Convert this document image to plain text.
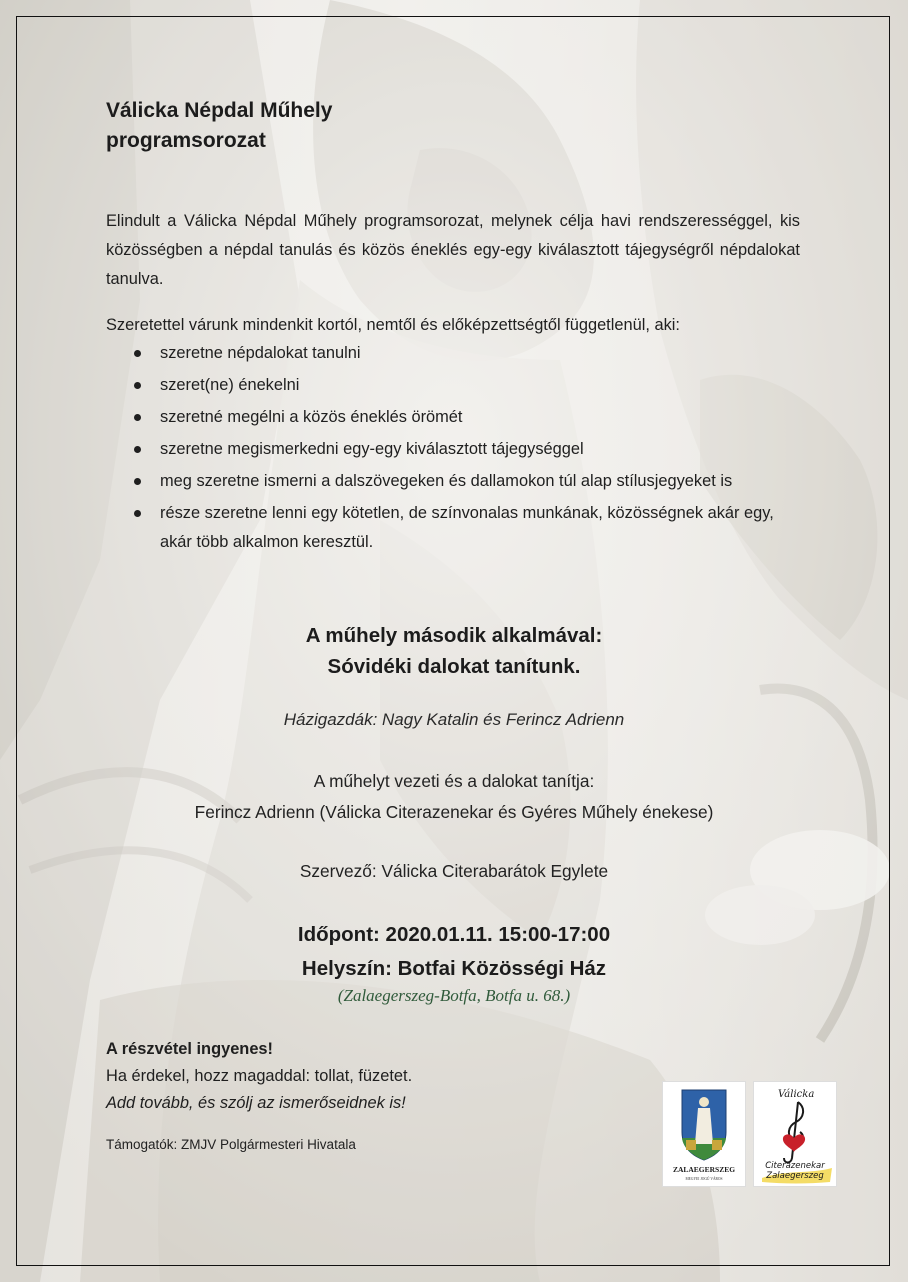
Válicka Népdal Műhely
programsorozat
Elindult a Válicka Népdal Műhely programsorozat, melynek célja havi rendszerességgel, kis közösségben a népdal tanulás és közös éneklés egy-egy kiválasztott tájegységről népdalokat tanulva.
Szeretettel várunk mindenkit kortól, nemtől és előképzettségtől függetlenül, aki:
szeretne népdalokat tanulni
szeret(ne) énekelni
szeretné megélni a közös éneklés örömét
szeretne megismerkedni egy-egy kiválasztott tájegységgel
meg szeretne ismerni a dalszövegeken és dallamokon túl alap stílusjegyeket is
része szeretne lenni egy kötetlen, de színvonalas munkának, közösségnek akár egy, akár több alkalmon keresztül.
A műhely második alkalmával:
Sóvidéki dalokat tanítunk.
Házigazdák: Nagy Katalin és Ferincz Adrienn
A műhelyt vezeti és a dalokat tanítja:
Ferincz Adrienn (Válicka Citerazenekar és Gyéres Műhely énekese)
Szervező: Válicka Citerabarátok Egylete
Időpont: 2020.01.11. 15:00-17:00
Helyszín: Botfai Közösségi Ház
(Zalaegerszeg-Botfa, Botfa u. 68.)
A részvétel ingyenes!
Ha érdekel, hozz magaddal: tollat, füzetet.
Add tovább, és szólj az ismerőseidnek is!
Támogatók: ZMJV Polgármesteri Hivatala
ZALAEGERSZEG
MEGYEI JOGÚ VÁROS
Válicka
Citerazenekar
Zalaegerszeg
